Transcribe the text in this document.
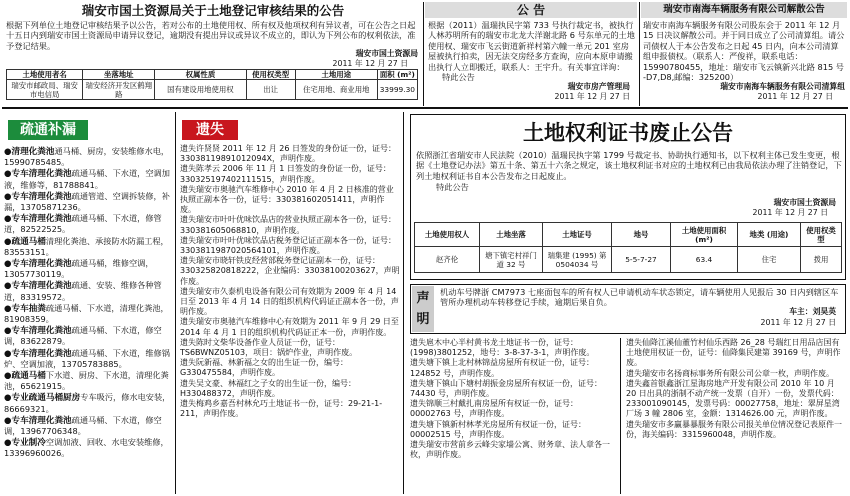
瑞安市国土资源局关于土地登记审核结果的公告
根据下列单位土地登记审核结果予以公告，若对公布的土地使用权、所有权及他项权利有异议者，可在公告之日起十五日内到瑞安市国土资源局申请异议登记，逾期没有提出异议或异议不成立的，即认为下列公布的权利依法，准予登记结果。
瑞安市国土资源局
2011 年 12 月 27 日
土地使用者名	坐落地址	权属性质	使用权类型	土地用途	面积 (m²)
瑞安市邮政局、瑞安市电信局	瑞安经济开发区鹤翔路	国有建设用地使用权	出让	住宅用地、商业用地	33999.30
公 告
根据（2011）温瑞执民字第 733 号执行裁定书，被执行人林苏明所有的瑞安市北龙大洋谢北路 6 号东单元的土地使用权、瑞安市飞云街道新祥村第六幢一单元 201 室房屋被执行拍卖，因无法交房经多方查询，应向本原申请搬出执行人立即搬迁，联系人：王宇升。有关事宜详询：
特此公告
瑞安市房产管理局
2011 年 12 月 27 日
瑞安市南海车辆服务有限公司解散公告
瑞安市南海车辆服务有限公司股东会于 2011 年 12 月 15 日决议解散公司。并于同日成立了公司清算组。请公司债权人于本公告发布之日起 45 日内，向本公司清算组申报债权。（联系人：严俊祥，联系电话：15990780455，地址：瑞安市飞云镇新兴北路 815 号 -D7,D8,邮编：325200）
瑞安市南海车辆服务有限公司清算组
2011 年 12 月 27 日
疏通补漏
●清理化粪池通马桶、厨房，安装维修水电，15990785485。
●专车清理化粪池疏通马桶、下水道，空调加液，维修等，81788841。
●专车清理化粪池疏通管道、空调拆装修，补漏，13705871236。
●专车清理化粪池疏通马桶、下水道，修管道，82522525。
●疏通马桶清理化粪池、承接防水防漏工程，83553151。
●专车清理化粪池疏通马桶，维修空调，13057730119。
●专车清理化粪池疏通、安装、维修各种管道，83319572。
●专车抽粪疏通马桶、下水道，清理化粪池，81908359。
●专车清理化粪池疏通马桶、下水道，修空调，83622879。
●专车清理化粪池疏通马桶、下水道，维修锅炉、空调加液，13705783885。
●疏通马桶下水道、厨房、下水道，清理化粪池，65621915。
●专业疏通马桶厨房专车吸污，修水电安装，86669321。
●专车清理化粪池疏通马桶、下水道，修空调，13967706348。
●专业制冷空调加液、回收、水电安装维修，13396960026。
遗失

遗失许贤贤 2011 年 12 月 26 日签发的身份证一份，证号：33038119891012094X，声明作废。

遗失陈孝云 2006 年 11 月 1 日签发的身份证一份，证号：330325197402111515，声明作废。

遗失瑞安市奥驰汽车维修中心 2010 年 4 月 2 日核准的营业执照正副本各一份，证号：330381602051411，声明作废。

遗失瑞安市叶叶优味饮品店的营业执照正副本各一份，证号：330381605068810，声明作废。

遗失瑞安市叶叶优味饮品店税务登记证正副本各一份，证号：330381198702056410​1，声明作废。

遗失瑞安市晓轩铁皮经营部税务登记证副本一份，证号：330325820818222，企业编码：33038100203627，声明作废。

遗失瑞安市久泰机电设备有限公司有效期为 2009 年 4 月 14 日至 2013 年 4 月 14 日的组织机构代码证正副本各一份，声明作废。

遗失瑞安市奥驰汽车维修中心有效期为 2011 年 9 月 29 日至 2014 年 4 月 1 日的组织机构代码证正本一份，声明作废。

遗失陈时文柴华设备作业人员证一份，证号：TS6BWNZ05103，项目：锅炉作业，声明作废。

遗失阮新福、林新福之女的出生证一份，编号：G330475584，声明作废。

遗失吴文豪、林福红之子女的出生证一份，编号：H330488372，声明作废。

遗失梅鸡乡嘉吾村林允巧土地证书一份，证号：29-21-1-211，声明作废。

土地权利证书废止公告
依照浙江省瑞安市人民法院（2010）温瑞民执字第 1799 号裁定书、协助执行通知书，以下权利主体已发生变更，根据《土地登记办法》第五十条、第五十六条之规定，该土地权利证书对应的土地权利已由我局依法办理了注销登记，下列土地权利证书自本公告发布之日起废止。
特此公告
瑞安市国土资源局
2011 年 12 月 27 日
土地使用权人	土地坐落	土地证号	地号	土地使用面积 (m²)	地类 (用途)	使用权类型
赵齐伦	塘下镇宅村祥门道 32 号	瑞集建 (1995) 第 0504034 号	5-5-7-27	63.4	住宅	拨用
声明
机动车号牌浙 CM7973 七座面包车的所有权人已申请机动车状态锁定，请车辆使用人见报后 30 日内到辖区车管所办理机动车转移登记手续，逾期后果自负。
车主：刘昊英
2011 年 12 月 27 日

遗失扈木中心半村黄书龙土地证书一份，证号：(1998)3801252，地号：3-8-37-3-1，声明作废。

遗失塘下镇上北村林锦益房屋所有权证一份，证号：124852 号，声明作废。

遗失塘下镇山下塘村胡振金房屋所有权证一份，证号：74430 号，声明作废。

遗失锦顺三村戴扎南房屋所有权证一份，证号：00002763 号，声明作废。

遗失塘下镇新村林孝光房屋所有权证一份，证号：00002515 号，声明作废。

遗失瑞安市营前乡云峰尖家墙公寓、财务章、法人章各一枚，声明作废。

遗失仙降江溪仙董竹村仙乐西路 26_28 号瑞红日用品店国有土地使用权证一份，证号：仙降集民建第 39169 号，声明作废。

遗失瑞安市名扬商标事务所有限公司公章一枚，声明作废。

遗失鑫首银鑫浙江星海房地产开发有限公司 2010 年 10 月 20 日出具的浙制不动产统一发票（自开）一份，发票代码：233001090145，发票号码：00027758，地址：翠屏星湾厂场 3 幢 2806 室，金额：1314626.00 元，声明作废。

遗失瑞安市多赢暴暴服务有限公司报关单位情况登记表原件一份，海关编码：3315960048，声明作废。
